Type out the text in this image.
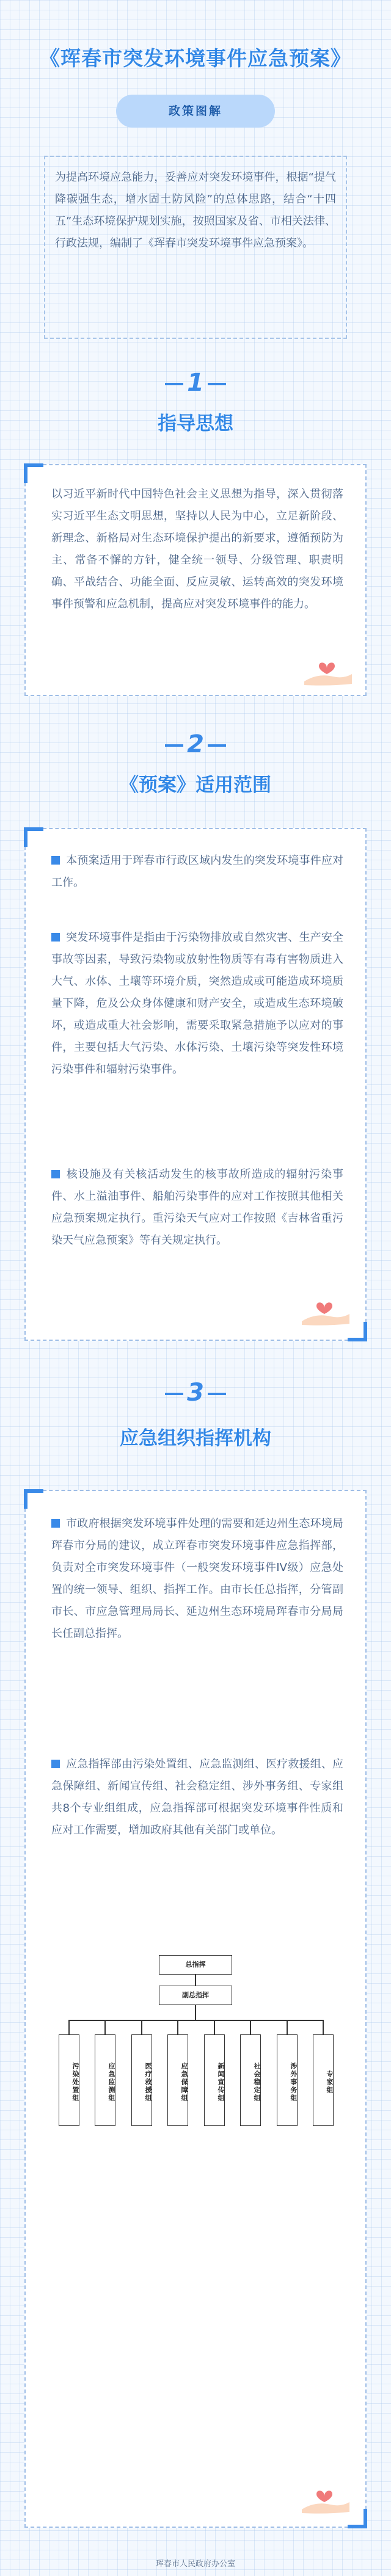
《珲春市突发环境事件应急预案》
政策图解
为提高环境应急能力，妥善应对突发环境事件，根据“提气降碳强生态，增水固土防风险”的总体思路，结合“十四五”生态环境保护规划实施，按照国家及省、市相关法律、行政法规，编制了《珲春市突发环境事件应急预案》。
1
指导思想
以习近平新时代中国特色社会主义思想为指导，深入贯彻落实习近平生态文明思想，坚持以人民为中心，立足新阶段、新理念、新格局对生态环境保护提出的新要求，遵循预防为主、常备不懈的方针，健全统一领导、分级管理、职责明确、平战结合、功能全面、反应灵敏、运转高效的突发环境事件预警和应急机制，提高应对突发环境事件的能力。
2
《预案》适用范围
本预案适用于珲春市行政区域内发生的突发环境事件应对工作。
突发环境事件是指由于污染物排放或自然灾害、生产安全事故等因素，导致污染物或放射性物质等有毒有害物质进入大气、水体、土壤等环境介质，突然造成或可能造成环境质量下降，危及公众身体健康和财产安全，或造成生态环境破坏，或造成重大社会影响，需要采取紧急措施予以应对的事件，主要包括大气污染、水体污染、土壤污染等突发性环境污染事件和辐射污染事件。
核设施及有关核活动发生的核事故所造成的辐射污染事件、水上溢油事件、船舶污染事件的应对工作按照其他相关应急预案规定执行。重污染天气应对工作按照《吉林省重污染天气应急预案》等有关规定执行。
3
应急组织指挥机构
市政府根据突发环境事件处理的需要和延边州生态环境局珲春市分局的建议，成立珲春市突发环境事件应急指挥部，负责对全市突发环境事件（一般突发环境事件IV级）应急处置的统一领导、组织、指挥工作。由市长任总指挥，分管副市长、市应急管理局局长、延边州生态环境局珲春市分局局长任副总指挥。
应急指挥部由污染处置组、应急监测组、医疗救援组、应急保障组、新闻宣传组、社会稳定组、涉外事务组、专家组共8个专业组组成，应急指挥部可根据突发环境事件性质和应对工作需要，增加政府其他有关部门或单位。
总指挥
副总指挥
污染处置组	应急监测组	医疗救援组	应急保障组	新闻宣传组	社会稳定组	涉外事务组	专家组
珲春市人民政府办公室
